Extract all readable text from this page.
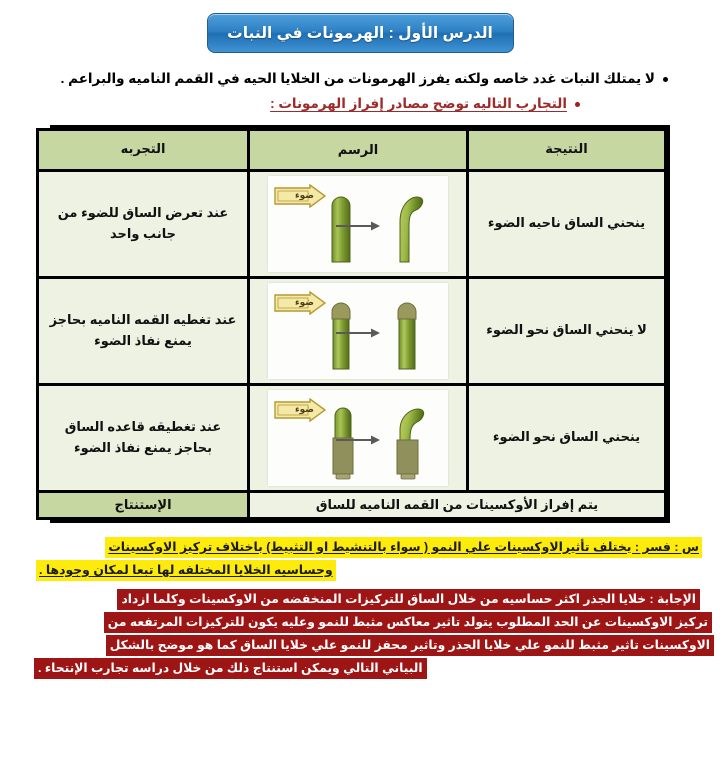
الدرس الأول : الهرمونات في النبات
لا يمتلك النبات غدد خاصه ولكنه يفرز الهرمونات من الخلايا الحيه في القمم الناميه والبراعم .
التجارب التاليه توضح مصادر إفراز الهرمونات :
النتيجة	الرسم	التجربه
ينحني الساق ناحيه الضوء	ضوء	عند تعرض الساق للضوء من جانب واحد
لا ينحني الساق نحو الضوء	ضوء	عند تغطيه القمه الناميه بحاجز يمنع نفاذ الضوء
ينحني الساق نحو الضوء	ضوء	عند تغطيقه قاعده الساق بحاجز يمنع نفاذ الضوء
يتم إفراز الأوكسينات من القمه الناميه للساق		الإستنتاج
س : فسر : يختلف تأثيرالاوكسينات علي النمو ( سواء بالتنشيط او التثبيط) باختلاف تركيز الاوكسينات
وحساسيه الخلايا المختلفه لها تبعا لمكان وجودها .
الإجابة : خلايا الجذر اكثر حساسيه من خلال الساق للتركيزات المنخفضه من الاوكسينات وكلما ازداد
تركيز الاوكسينات عن الحد المطلوب يتولد تاثير معاكس مثبط للنمو وعليه يكون للتركيزات المرتفعه من
الاوكسينات تاثير مثبط للنمو علي خلايا الجذر وتاثير محفز للنمو علي خلايا الساق كما هو موضح بالشكل
البياني التالي ويمكن استنتاج ذلك من خلال دراسه تجارب الإنتحاء .
